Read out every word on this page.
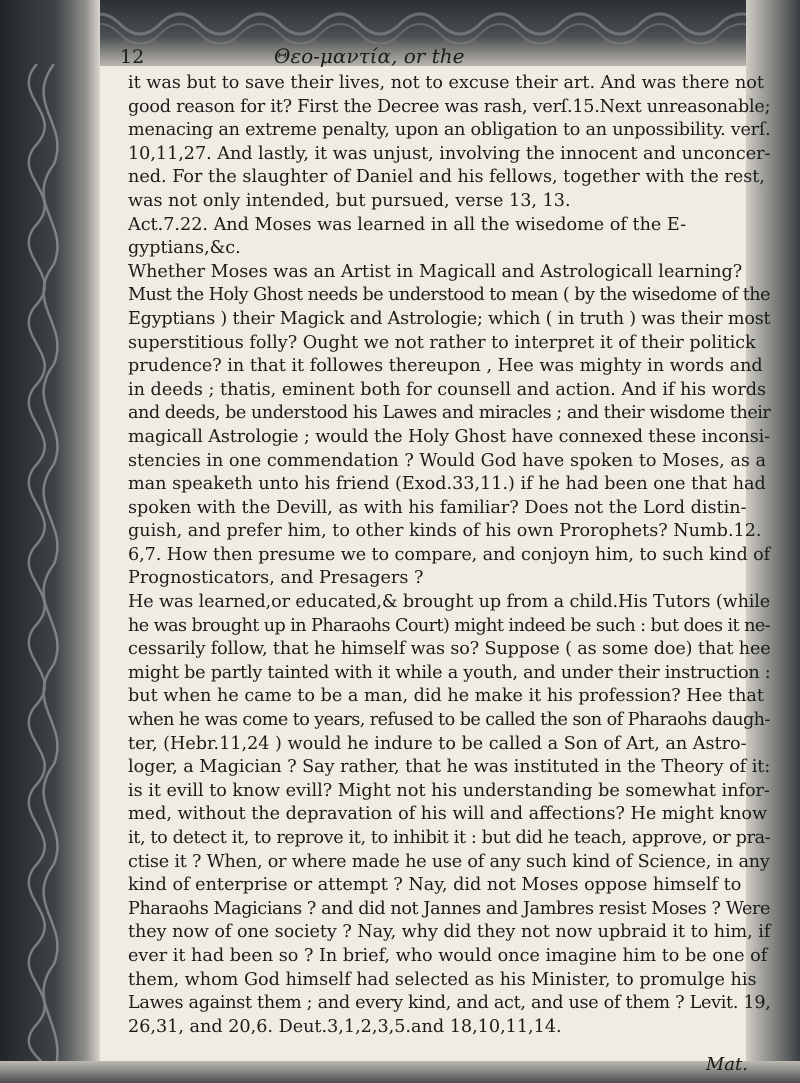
12	Θεο-μαντία, or the
it was but to save their lives, not to excuse their art. And was there not
good reason for it? First the Decree was rash, verſ.15.Next unreasonable;
menacing an extreme penalty, upon an obligation to an unpossibility. verſ.
10,11,27. And lastly, it was unjust, involving the innocent and unconcer-
ned. For the slaughter of Daniel and his fellows, together with the rest,
was not only intended, but pursued, verse 13, 13.
Act.7.22. And Moses was learned in all the wisedome of the E-
gyptians,&c.
Whether Moses was an Artist in Magicall and Astrologicall learning?
Must the Holy Ghost needs be understood to mean ( by the wisedome of the
Egyptians ) their Magick and Astrologie; which ( in truth ) was their most
superstitious folly? Ought we not rather to interpret it of their politick
prudence? in that it followes thereupon , Hee was mighty in words and
in deeds ; thatis, eminent both for counsell and action. And if his words
and deeds, be understood his Lawes and miracles ; and their wisdome their
magicall Astrologie ; would the Holy Ghost have connexed these inconsi-
stencies in one commendation ? Would God have spoken to Moses, as a
man speaketh unto his friend (Exod.33,11.) if he had been one that had
spoken with the Devill, as with his familiar? Does not the Lord distin-
guish, and prefer him, to other kinds of his own Prorophets? Numb.12.
6,7. How then presume we to compare, and conjoyn him, to such kind of
Prognosticators, and Presagers ?
He was learned,or educated,& brought up from a child.His Tutors (while
he was brought up in Pharaohs Court) might indeed be such : but does it ne-
cessarily follow, that he himself was so? Suppose ( as some doe) that hee
might be partly tainted with it while a youth, and under their instruction :
but when he came to be a man, did he make it his profession? Hee that
when he was come to years, refused to be called the son of Pharaohs daugh-
ter, (Hebr.11,24 ) would he indure to be called a Son of Art, an Astro-
loger, a Magician ? Say rather, that he was instituted in the Theory of it:
is it evill to know evill? Might not his understanding be somewhat infor-
med, without the depravation of his will and affections? He might know
it, to detect it, to reprove it, to inhibit it : but did he teach, approve, or pra-
ctise it ? When, or where made he use of any such kind of Science, in any
kind of enterprise or attempt ? Nay, did not Moses oppose himself to
Pharaohs Magicians ? and did not Jannes and Jambres resist Moses ? Were
they now of one society ? Nay, why did they not now upbraid it to him, if
ever it had been so ? In brief, who would once imagine him to be one of
them, whom God himself had selected as his Minister, to promulge his
Lawes against them ; and every kind, and act, and use of them ? Levit. 19,
26,31, and 20,6. Deut.3,1,2,3,5.and 18,10,11,14.
Mat.
